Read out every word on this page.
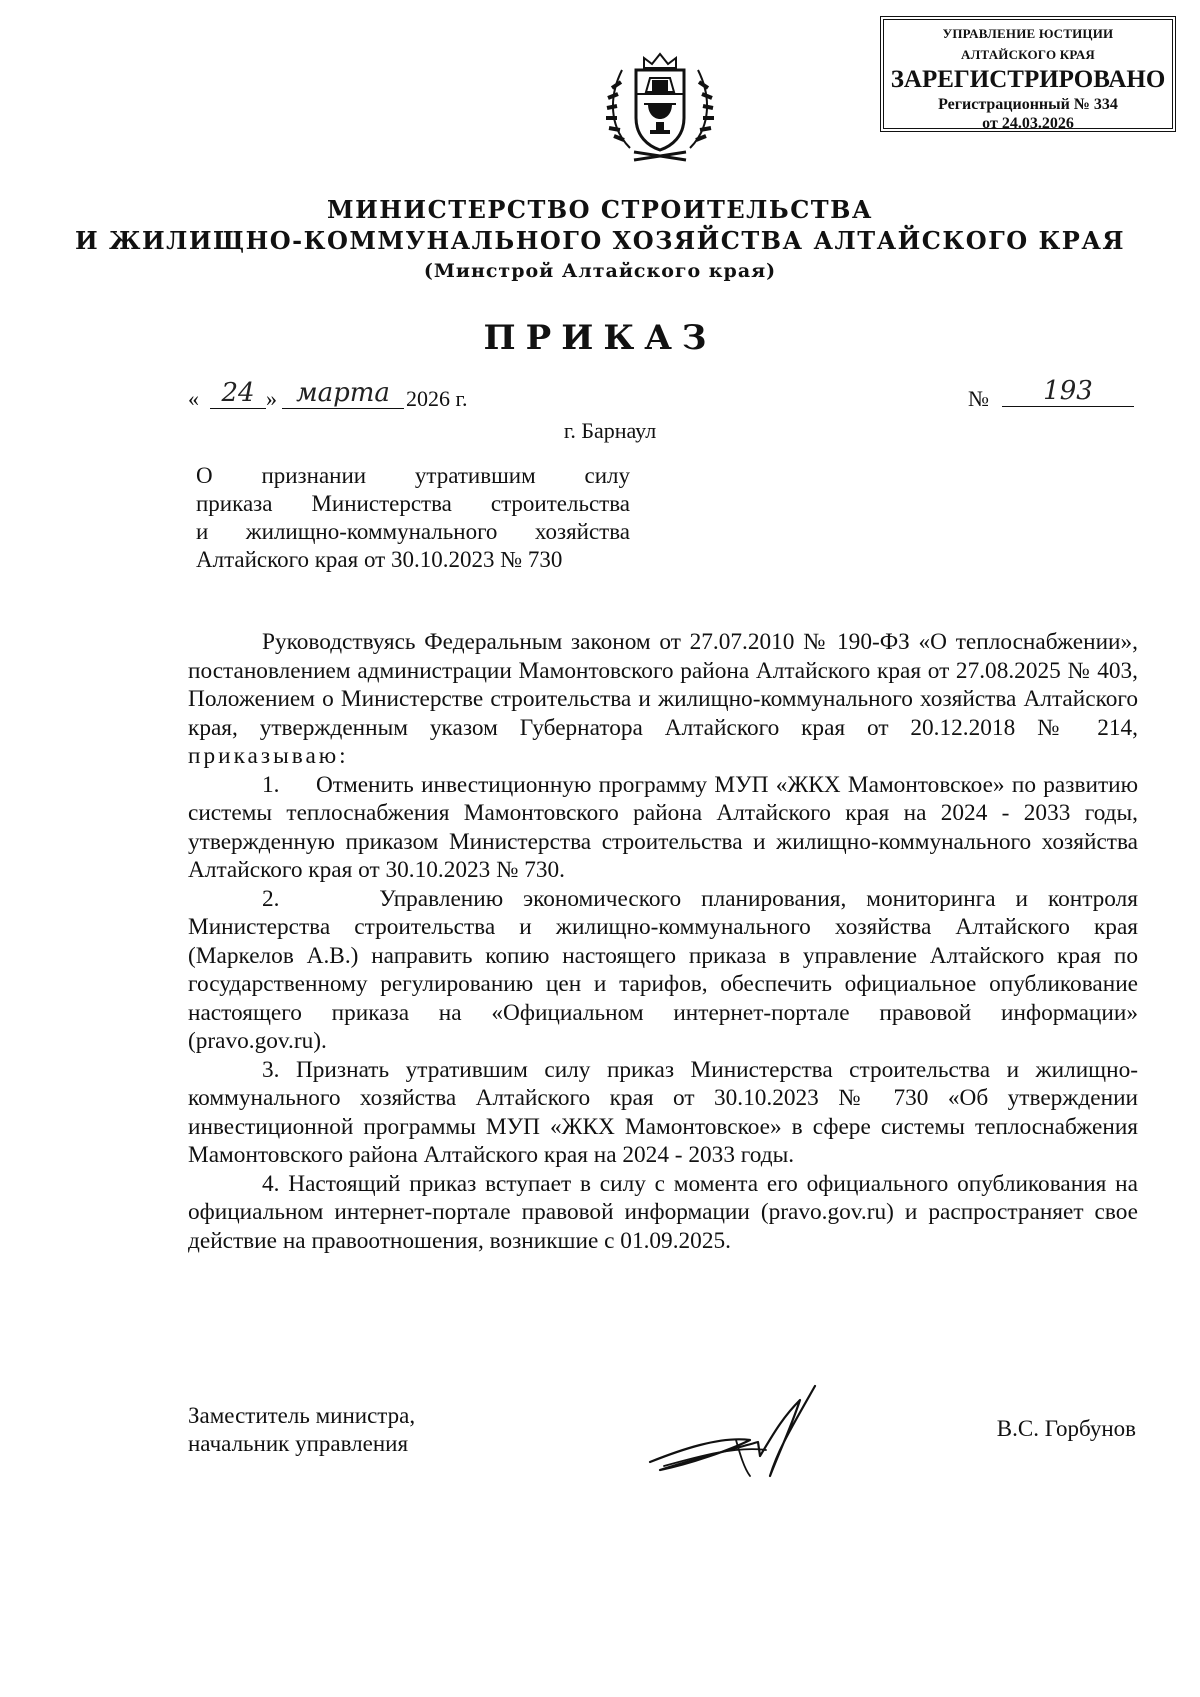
УПРАВЛЕНИЕ ЮСТИЦИИ
АЛТАЙСКОГО КРАЯ
ЗАРЕГИСТРИРОВАНО
Регистрационный № 334
от 24.03.2026
МИНИСТЕРСТВО СТРОИТЕЛЬСТВА
И ЖИЛИЩНО-КОММУНАЛЬНОГО ХОЗЯЙСТВА АЛТАЙСКОГО КРАЯ
(Минстрой Алтайского края)
ПРИКАЗ
« 24 » марта 2026 г.	№	193
г. Барнаул
О признании утратившим силу
приказа Министерства строительства
и жилищно-коммунального хозяйства
Алтайского края от 30.10.2023 № 730

Руководствуясь Федеральным законом от 27.07.2010 № 190-ФЗ «О теплоснабжении», постановлением администрации Мамонтовского района Алтайского края от 27.08.2025 № 403, Положением о Министерстве строительства и жилищно-коммунального хозяйства Алтайского края, утвержденным указом Губернатора Алтайского края от 20.12.2018 № 214, приказываю:

1.     Отменить инвестиционную программу МУП «ЖКХ Мамонтовское» по развитию системы теплоснабжения Мамонтовского района Алтайского края на 2024 - 2033 годы, утвержденную приказом Министерства строительства и жилищно-коммунального хозяйства Алтайского края от 30.10.2023 № 730.

2.     Управлению экономического планирования, мониторинга и контроля Министерства строительства и жилищно-коммунального хозяйства Алтайского края (Маркелов А.В.) направить копию настоящего приказа в управление Алтайского края по государственному регулированию цен и тарифов, обеспечить официальное опубликование настоящего приказа на «Официальном интернет-портале правовой информации» (pravo.gov.ru).

3. Признать утратившим силу приказ Министерства строительства и жилищно-коммунального хозяйства Алтайского края от 30.10.2023 № 730 «Об утверждении инвестиционной программы МУП «ЖКХ Мамонтовское» в сфере системы теплоснабжения Мамонтовского района Алтайского края на 2024 - 2033 годы.

4. Настоящий приказ вступает в силу с момента его официального опубликования на официальном интернет-портале правовой информации (pravo.gov.ru) и распространяет свое действие на правоотношения, возникшие с 01.09.2025.

Заместитель министра,
начальник управления
В.С. Горбунов
